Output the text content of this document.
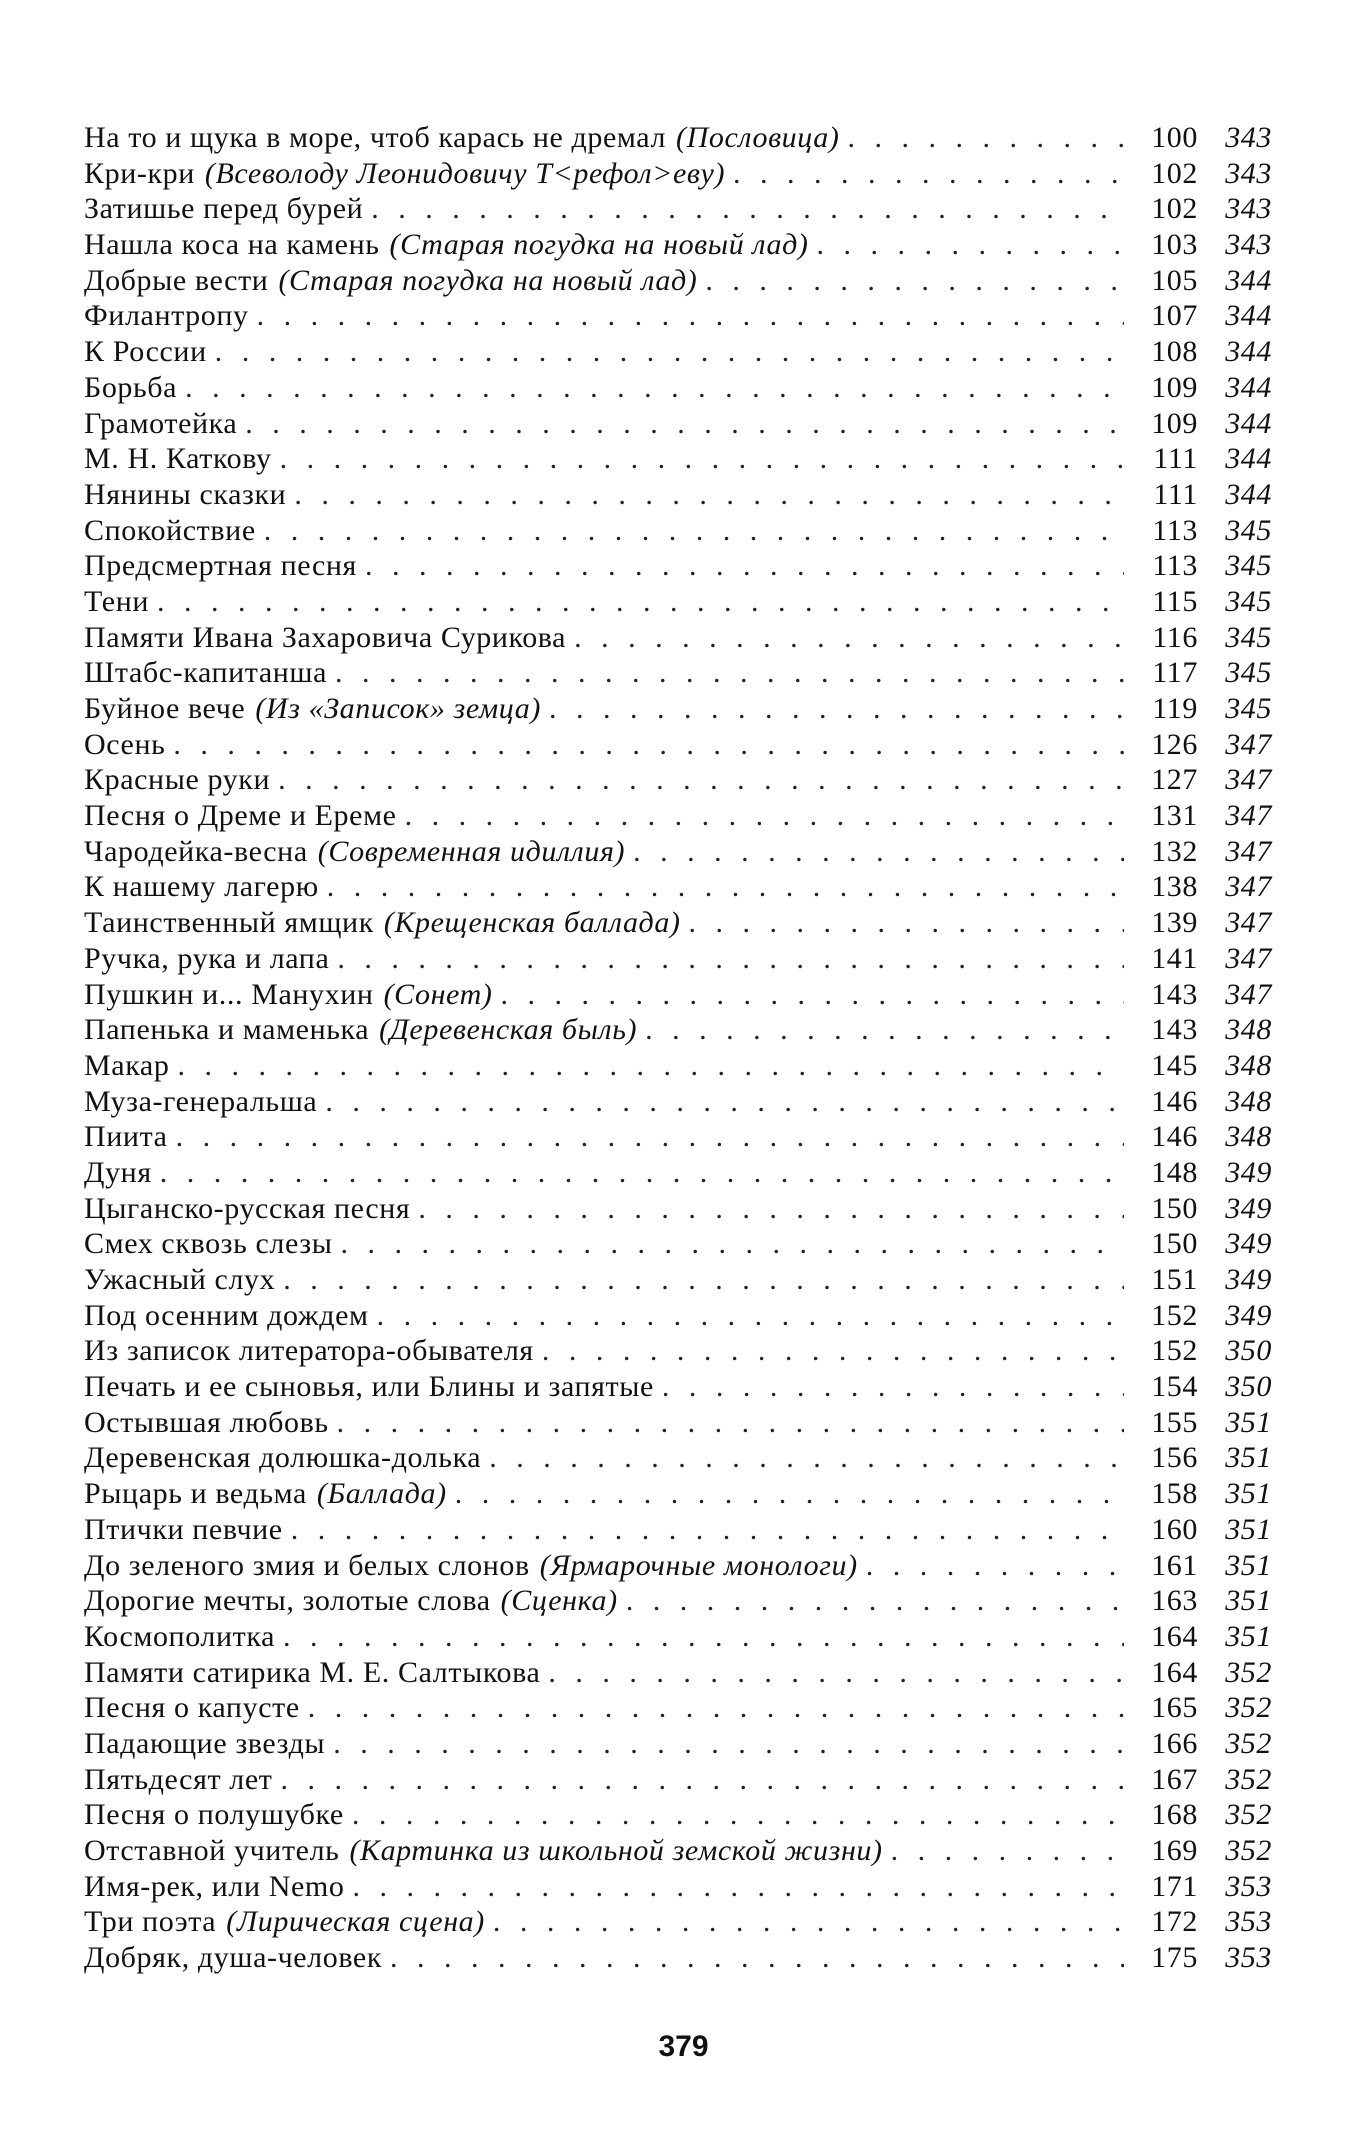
На то и щука в море, чтоб карась не дремал (Пословица) . . .	100 343
Кри-кри (Всеволоду Леонидовичу Т<рефол>еву) . . .	102 343
Затишье перед бурей . . .	102 343
Нашла коса на камень (Старая погудка на новый лад) . . .	103 343
Добрые вести (Старая погудка на новый лад) . . .	105 344
Филантропу . . .	107 344
К России . . .	108 344
Борьба . . .	109 344
Грамотейка . . .	109 344
М. Н. Каткову . . .	111 344
Нянины сказки . . .	111 344
Спокойствие . . .	113 345
Предсмертная песня . . .	113 345
Тени . . .	115 345
Памяти Ивана Захаровича Сурикова . . .	116 345
Штабс-капитанша . . .	117 345
Буйное вече (Из «Записок» земца) . . .	119 345
Осень . . .	126 347
Красные руки . . .	127 347
Песня о Дреме и Ереме . . .	131 347
Чародейка-весна (Современная идиллия) . . .	132 347
К нашему лагерю . . .	138 347
Таинственный ямщик (Крещенская баллада) . . .	139 347
Ручка, рука и лапа . . .	141 347
Пушкин и... Манухин (Сонет) . . .	143 347
Папенька и маменька (Деревенская быль) . . .	143 348
Макар . . .	145 348
Муза-генеральша . . .	146 348
Пиита . . .	146 348
Дуня . . .	148 349
Цыганско-русская песня . . .	150 349
Смех сквозь слезы . . .	150 349
Ужасный слух . . .	151 349
Под осенним дождем . . .	152 349
Из записок литератора-обывателя . . .	152 350
Печать и ее сыновья, или Блины и запятые . . .	154 350
Остывшая любовь . . .	155 351
Деревенская долюшка-долька . . .	156 351
Рыцарь и ведьма (Баллада) . . .	158 351
Птички певчие . . .	160 351
До зеленого змия и белых слонов (Ярмарочные монологи) . . .	161 351
Дорогие мечты, золотые слова (Сценка) . . .	163 351
Космополитка . . .	164 351
Памяти сатирика М. Е. Салтыкова . . .	164 352
Песня о капусте . . .	165 352
Падающие звезды . . .	166 352
Пятьдесят лет . . .	167 352
Песня о полушубке . . .	168 352
Отставной учитель (Картинка из школьной земской жизни) . . .	169 352
Имя-рек, или Nemo . . .	171 353
Три поэта (Лирическая сцена) . . .	172 353
Добряк, душа-человек . . .	175 353
379
